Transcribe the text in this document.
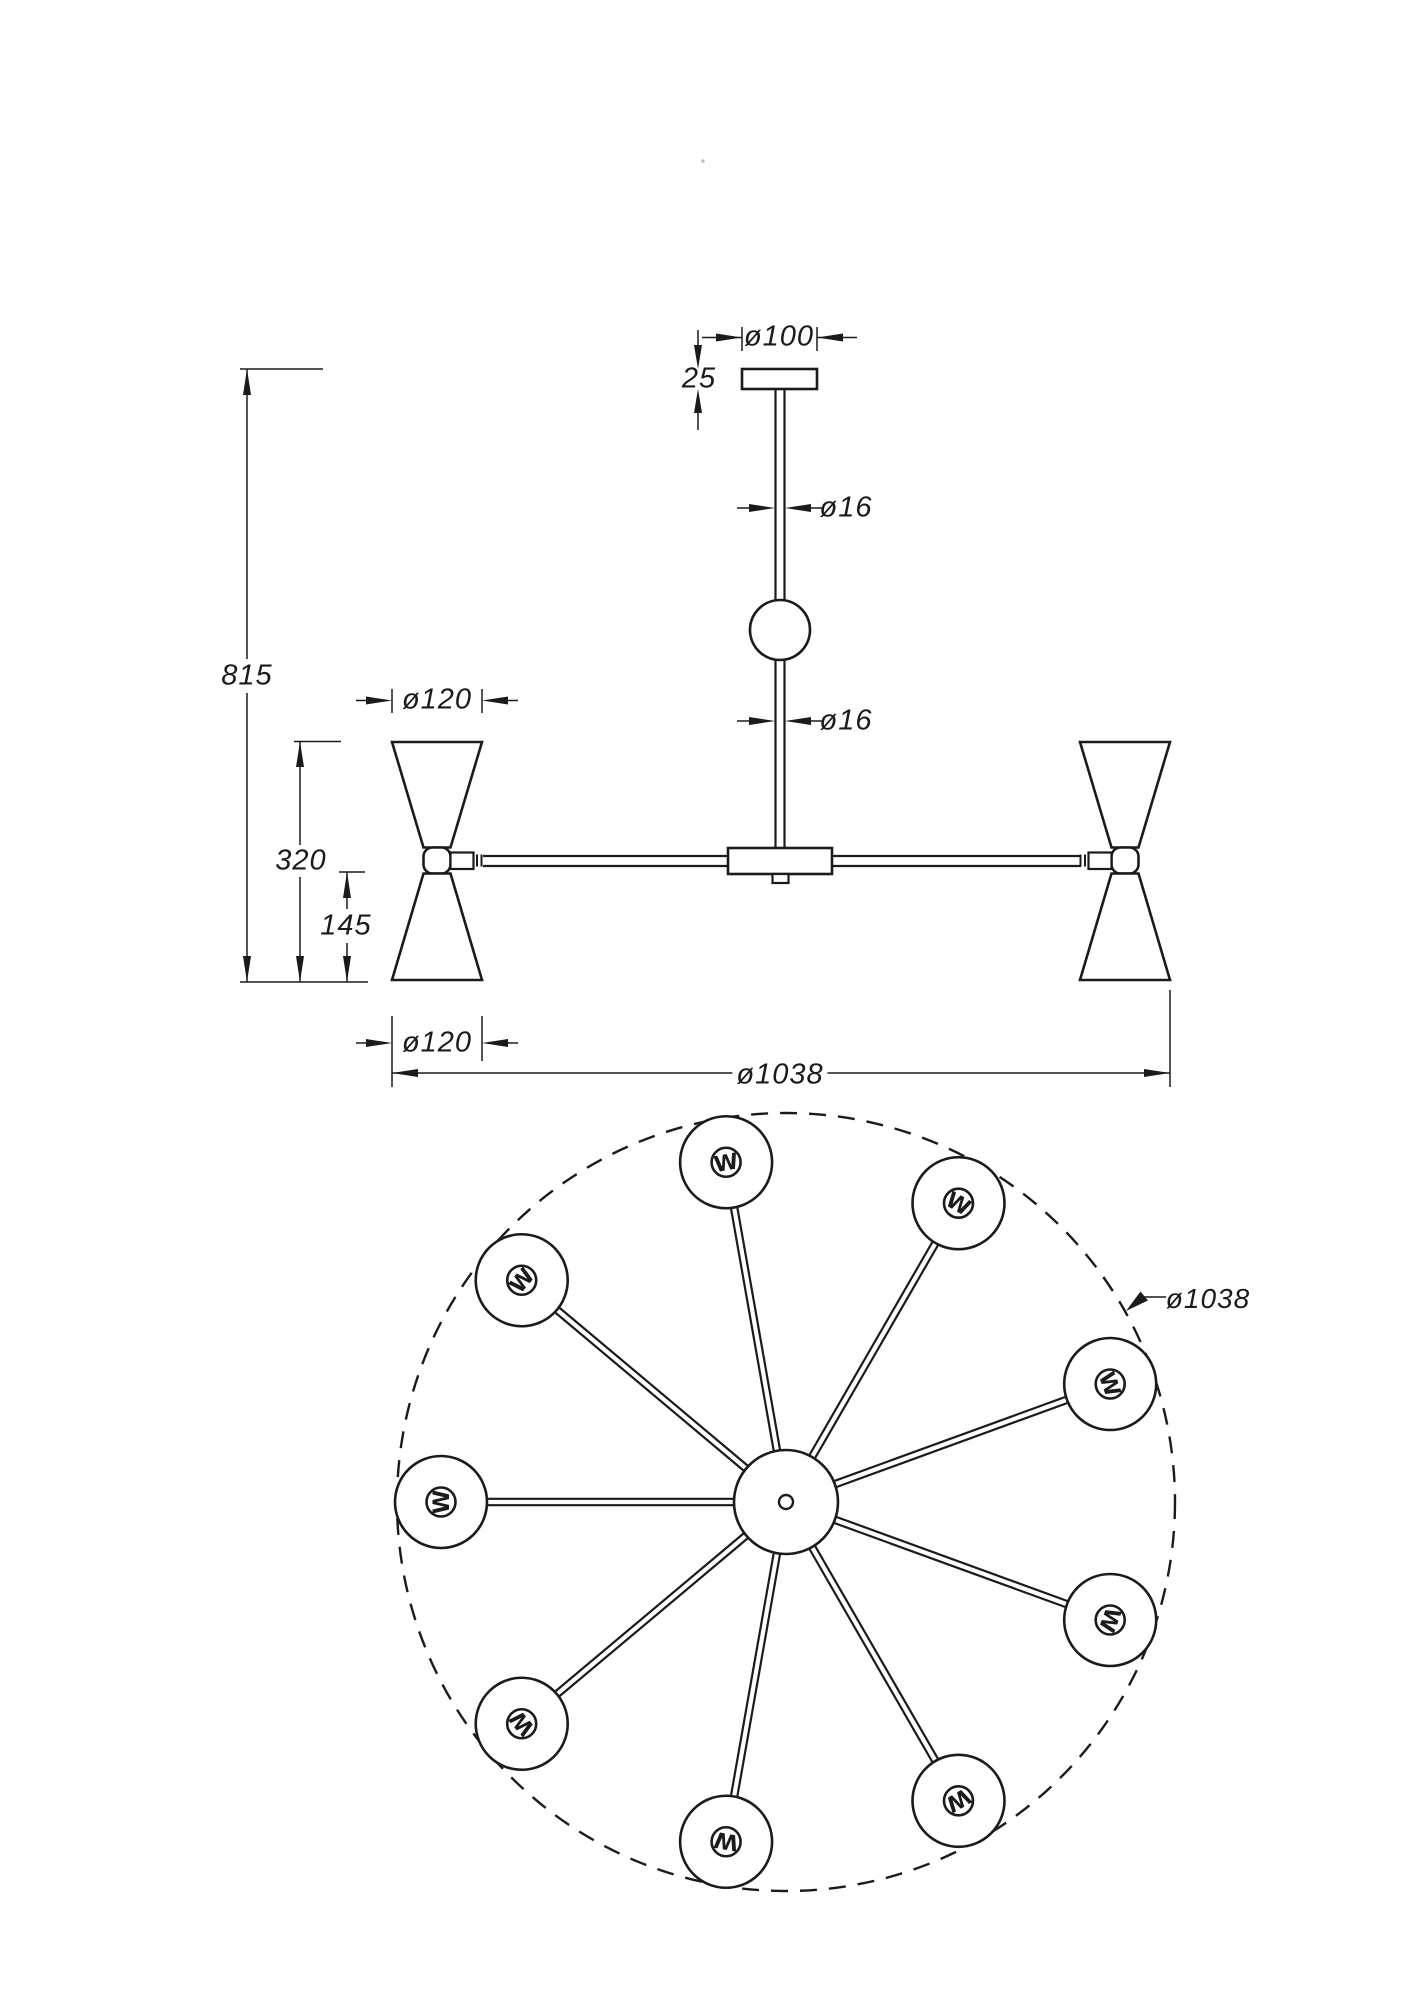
W
W
W
W
W
W
W
W
W
ø100
25
ø16
ø16
815
ø120
320
145
ø120
ø1038
ø1038
